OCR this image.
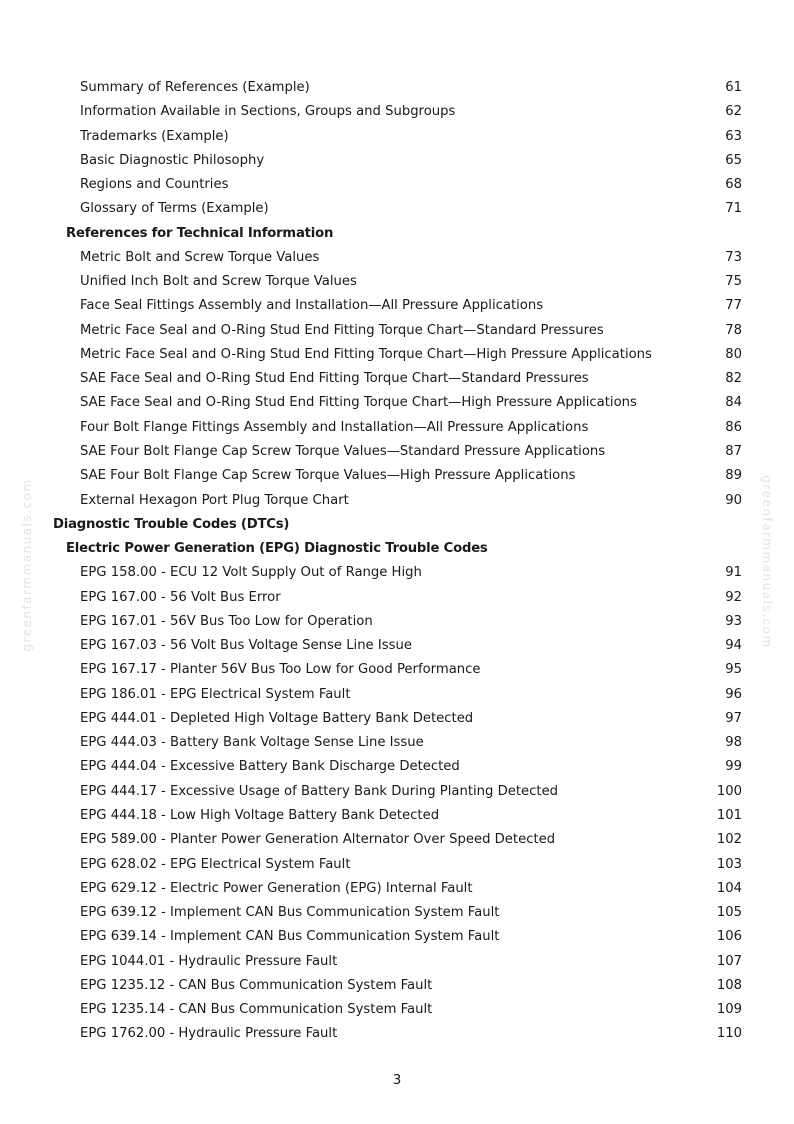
greenfarmmanuals.com	greenfarmmanuals.com
Summary of References (Example)	61
Information Available in Sections, Groups and Subgroups	62
Trademarks (Example)	63
Basic Diagnostic Philosophy	65
Regions and Countries	68
Glossary of Terms (Example)	71
References for Technical Information
Metric Bolt and Screw Torque Values	73
Unified Inch Bolt and Screw Torque Values	75
Face Seal Fittings Assembly and Installation—All Pressure Applications	77
Metric Face Seal and O-Ring Stud End Fitting Torque Chart—Standard Pressures	78
Metric Face Seal and O-Ring Stud End Fitting Torque Chart—High Pressure Applications	80
SAE Face Seal and O-Ring Stud End Fitting Torque Chart—Standard Pressures	82
SAE Face Seal and O-Ring Stud End Fitting Torque Chart—High Pressure Applications	84
Four Bolt Flange Fittings Assembly and Installation—All Pressure Applications	86
SAE Four Bolt Flange Cap Screw Torque Values—Standard Pressure Applications	87
SAE Four Bolt Flange Cap Screw Torque Values—High Pressure Applications	89
External Hexagon Port Plug Torque Chart	90
Diagnostic Trouble Codes (DTCs)
Electric Power Generation (EPG) Diagnostic Trouble Codes
EPG 158.00 - ECU 12 Volt Supply Out of Range High	91
EPG 167.00 - 56 Volt Bus Error	92
EPG 167.01 - 56V Bus Too Low for Operation	93
EPG 167.03 - 56 Volt Bus Voltage Sense Line Issue	94
EPG 167.17 - Planter 56V Bus Too Low for Good Performance	95
EPG 186.01 - EPG Electrical System Fault	96
EPG 444.01 - Depleted High Voltage Battery Bank Detected	97
EPG 444.03 - Battery Bank Voltage Sense Line Issue	98
EPG 444.04 - Excessive Battery Bank Discharge Detected	99
EPG 444.17 - Excessive Usage of Battery Bank During Planting Detected	100
EPG 444.18 - Low High Voltage Battery Bank Detected	101
EPG 589.00 - Planter Power Generation Alternator Over Speed Detected	102
EPG 628.02 - EPG Electrical System Fault	103
EPG 629.12 - Electric Power Generation (EPG) Internal Fault	104
EPG 639.12 - Implement CAN Bus Communication System Fault	105
EPG 639.14 - Implement CAN Bus Communication System Fault	106
EPG 1044.01 - Hydraulic Pressure Fault	107
EPG 1235.12 - CAN Bus Communication System Fault	108
EPG 1235.14 - CAN Bus Communication System Fault	109
EPG 1762.00 - Hydraulic Pressure Fault	110
3
